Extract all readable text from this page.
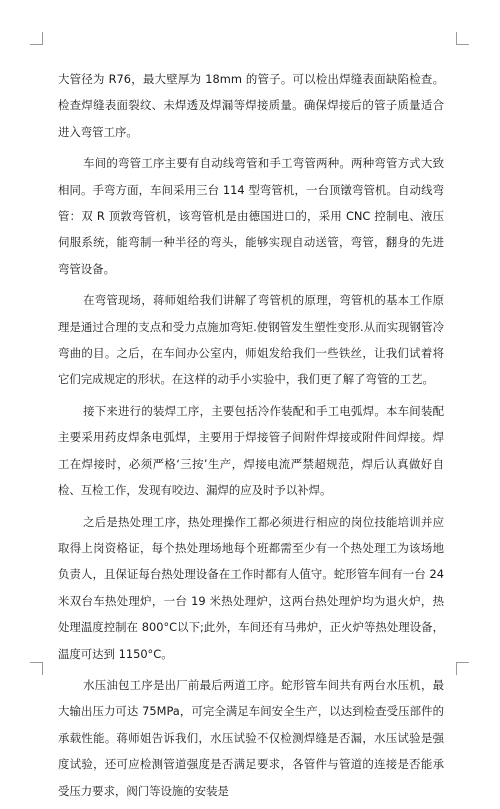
大管径为 R76，最大壁厚为 18mm 的管子。可以检出焊缝表面缺陷检查。检查焊缝表面裂纹、未焊透及焊漏等焊接质量。确保焊接后的管子质量适合进入弯管工序。

车间的弯管工序主要有自动线弯管和手工弯管两种。两种弯管方式大致相同。手弯方面，车间采用三台 114 型弯管机，一台顶镦弯管机。自动线弯管：双 R 顶敦弯管机，该弯管机是由德国进口的，采用 CNC 控制电、液压伺服系统，能弯制一种半径的弯头，能够实现自动送管，弯管，翻身的先进弯管设备。

在弯管现场，蒋师姐给我们讲解了弯管机的原理，弯管机的基本工作原理是通过合理的支点和受力点施加弯矩.使钢管发生塑性变形.从而实现钢管冷弯曲的目。之后，在车间办公室内，师姐发给我们一些铁丝，让我们试着将它们完成规定的形状。在这样的动手小实验中，我们更了解了弯管的工艺。

接下来进行的装焊工序，主要包括冷作装配和手工电弧焊。本车间装配主要采用药皮焊条电弧焊，主要用于焊接管子间附件焊接或附件间焊接。焊工在焊接时，必须严格‘三按’生产，焊接电流严禁超规范，焊后认真做好自检、互检工作，发现有咬边、漏焊的应及时予以补焊。

之后是热处理工序，热处理操作工都必须进行相应的岗位技能培训并应取得上岗资格证，每个热处理场地每个班都需至少有一个热处理工为该场地负责人，且保证每台热处理设备在工作时都有人值守。蛇形管车间有一台 24 米双台车热处理炉，一台 19 米热处理炉，这两台热处理炉均为退火炉，热处理温度控制在 800°C以下;此外，车间还有马弗炉，正火炉等热处理设备，温度可达到 1150°C。

水压油包工序是出厂前最后两道工序。蛇形管车间共有两台水压机，最大输出压力可达 75MPa，可完全满足车间安全生产，以达到检查受压部件的承载性能。蒋师姐告诉我们，水压试验不仅检测焊缝是否漏，水压试验是强度试验，还可应检测管道强度是否满足要求，各管件与管道的连接是否能承受压力要求，阀门等设施的安装是
